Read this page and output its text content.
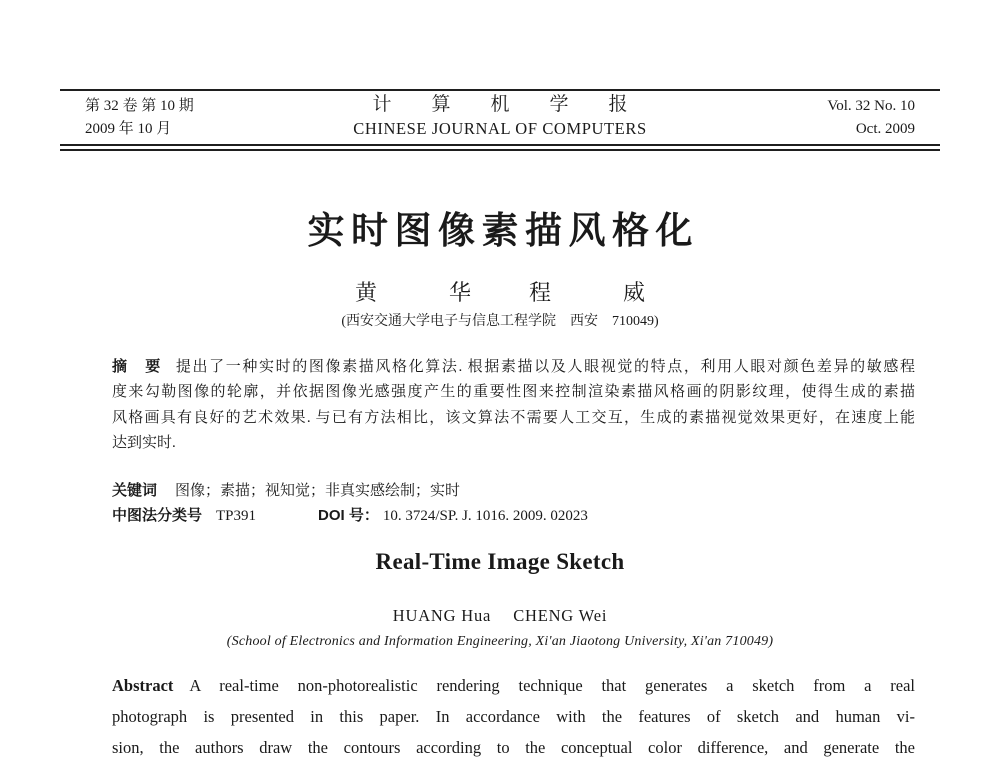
第 32 卷 第 10 期
2009 年 10 月
计算机学报
CHINESE JOURNAL OF COMPUTERS
Vol. 32 No. 10
Oct. 2009
实时图像素描风格化
黄　华 程　威
(西安交通大学电子与信息工程学院　西安　710049)
摘　要 提出了一种实时的图像素描风格化算法. 根据素描以及人眼视觉的特点，利用人眼对颜色差异的敏感程
度来勾勒图像的轮廓，并依据图像光感强度产生的重要性图来控制渲染素描风格画的阴影纹理，使得生成的素描
风格画具有良好的艺术效果. 与已有方法相比，该文算法不需要人工交互，生成的素描视觉效果更好，在速度上能
达到实时.
关键词 图像；素描；视知觉；非真实感绘制；实时
中图法分类号 TP391	DOI 号： 10. 3724/SP. J. 1016. 2009. 02023
Real-Time Image Sketch
HUANG Hua CHENG Wei
(School of Electronics and Information Engineering, Xi'an Jiaotong University, Xi'an 710049)
Abstract A real-time non-photorealistic rendering technique that generates a sketch from a real
photograph is presented in this paper. In accordance with the features of sketch and human vi-
sion, the authors draw the contours according to the conceptual color difference, and generate the
